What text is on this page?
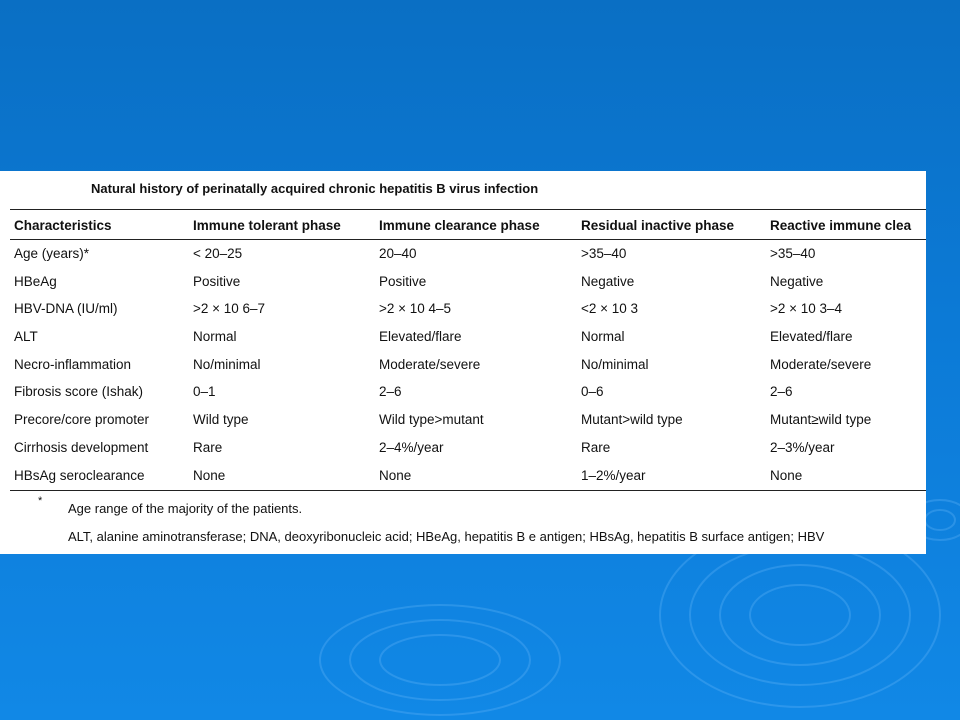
Natural history of perinatally acquired chronic hepatitis B virus infection
Characteristics	Immune tolerant phase	Immune clearance phase	Residual inactive phase	Reactive immune clea
Age (years)*	< 20–25	20–40	>35–40	>35–40
HBeAg	Positive	Positive	Negative	Negative
HBV-DNA (IU/ml)	>2 × 10 6–7	>2 × 10 4–5	<2 × 10 3	>2 × 10 3–4
ALT	Normal	Elevated/flare	Normal	Elevated/flare
Necro-inflammation	No/minimal	Moderate/severe	No/minimal	Moderate/severe
Fibrosis score (Ishak)	0–1	2–6	0–6	2–6
Precore/core promoter	Wild type	Wild type>mutant	Mutant>wild type	Mutant≥wild type
Cirrhosis development	Rare	2–4%/year	Rare	2–3%/year
HBsAg seroclearance	None	None	1–2%/year	None
* Age range of the majority of the patients.
ALT, alanine aminotransferase; DNA, deoxyribonucleic acid; HBeAg, hepatitis B e antigen; HBsAg, hepatitis B surface antigen; HBV
